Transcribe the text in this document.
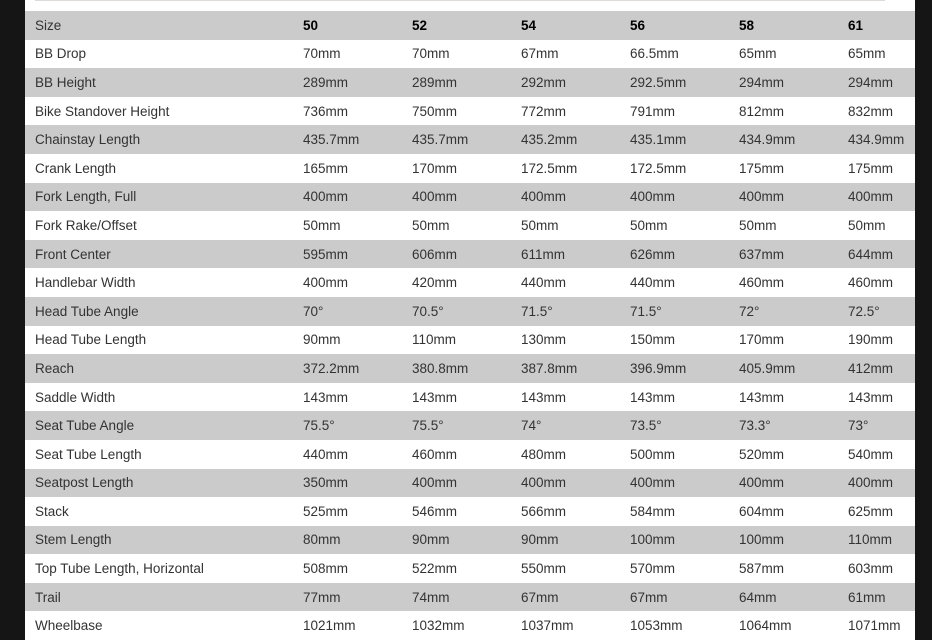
Size	50	52	54	56	58	61
BB Drop	70mm	70mm	67mm	66.5mm	65mm	65mm
BB Height	289mm	289mm	292mm	292.5mm	294mm	294mm
Bike Standover Height	736mm	750mm	772mm	791mm	812mm	832mm
Chainstay Length	435.7mm	435.7mm	435.2mm	435.1mm	434.9mm	434.9mm
Crank Length	165mm	170mm	172.5mm	172.5mm	175mm	175mm
Fork Length, Full	400mm	400mm	400mm	400mm	400mm	400mm
Fork Rake/Offset	50mm	50mm	50mm	50mm	50mm	50mm
Front Center	595mm	606mm	611mm	626mm	637mm	644mm
Handlebar Width	400mm	420mm	440mm	440mm	460mm	460mm
Head Tube Angle	70°	70.5°	71.5°	71.5°	72°	72.5°
Head Tube Length	90mm	110mm	130mm	150mm	170mm	190mm
Reach	372.2mm	380.8mm	387.8mm	396.9mm	405.9mm	412mm
Saddle Width	143mm	143mm	143mm	143mm	143mm	143mm
Seat Tube Angle	75.5°	75.5°	74°	73.5°	73.3°	73°
Seat Tube Length	440mm	460mm	480mm	500mm	520mm	540mm
Seatpost Length	350mm	400mm	400mm	400mm	400mm	400mm
Stack	525mm	546mm	566mm	584mm	604mm	625mm
Stem Length	80mm	90mm	90mm	100mm	100mm	110mm
Top Tube Length, Horizontal	508mm	522mm	550mm	570mm	587mm	603mm
Trail	77mm	74mm	67mm	67mm	64mm	61mm
Wheelbase	1021mm	1032mm	1037mm	1053mm	1064mm	1071mm
